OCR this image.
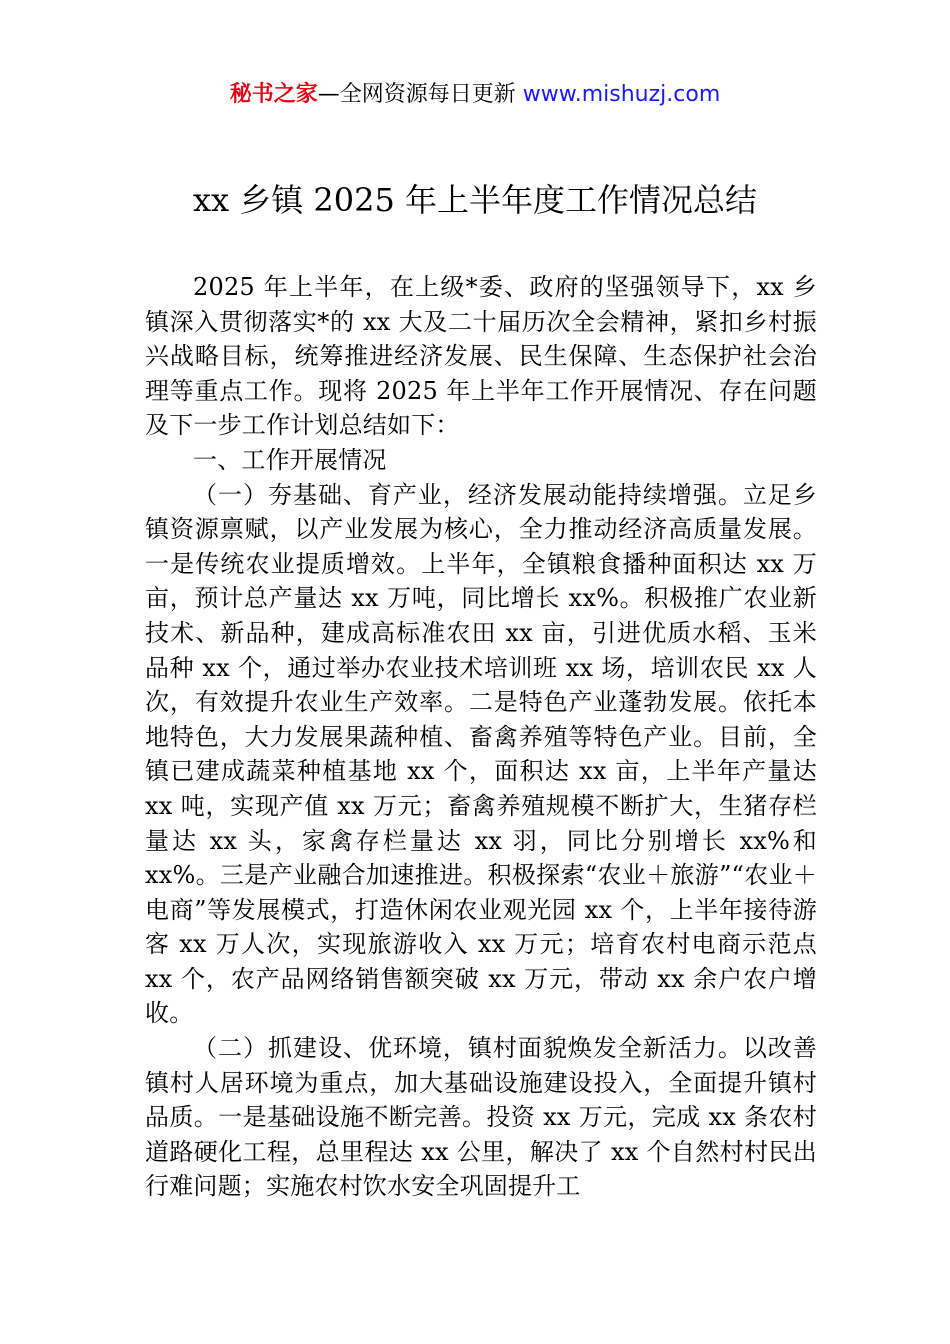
秘书之家—全网资源每日更新 www.mishuzj.com
xx 乡镇 2025 年上半年度工作情况总结

2025 年上半年，在上级*委、政府的坚强领导下，xx 乡镇深入贯彻落实*的 xx 大及二十届历次全会精神，紧扣乡村振兴战略目标，统筹推进经济发展、民生保障、生态保护社会治理等重点工作。现将 2025 年上半年工作开展情况、存在问题及下一步工作计划总结如下：

一、工作开展情况

（一）夯基础、育产业，经济发展动能持续增强。立足乡镇资源禀赋，以产业发展为核心，全力推动经济高质量发展。一是传统农业提质增效。上半年，全镇粮食播种面积达 xx 万亩，预计总产量达 xx 万吨，同比增长 xx%。积极推广农业新技术、新品种，建成高标准农田 xx 亩，引进优质水稻、玉米品种 xx 个，通过举办农业技术培训班 xx 场，培训农民 xx 人次，有效提升农业生产效率。二是特色产业蓬勃发展。依托本地特色，大力发展果蔬种植、畜禽养殖等特色产业。目前，全镇已建成蔬菜种植基地 xx 个，面积达 xx 亩，上半年产量达 xx 吨，实现产值 xx 万元；畜禽养殖规模不断扩大，生猪存栏量达 xx 头，家禽存栏量达 xx 羽，同比分别增长 xx%和 xx%。三是产业融合加速推进。积极探索“农业＋旅游”“农业＋电商”等发展模式，打造休闲农业观光园 xx 个，上半年接待游客 xx 万人次，实现旅游收入 xx 万元；培育农村电商示范点 xx 个，农产品网络销售额突破 xx 万元，带动 xx 余户农户增收。

（二）抓建设、优环境，镇村面貌焕发全新活力。以改善镇村人居环境为重点，加大基础设施建设投入，全面提升镇村品质。一是基础设施不断完善。投资 xx 万元，完成 xx 条农村道路硬化工程，总里程达 xx 公里，解决了 xx 个自然村村民出行难问题；实施农村饮水安全巩固提升工
